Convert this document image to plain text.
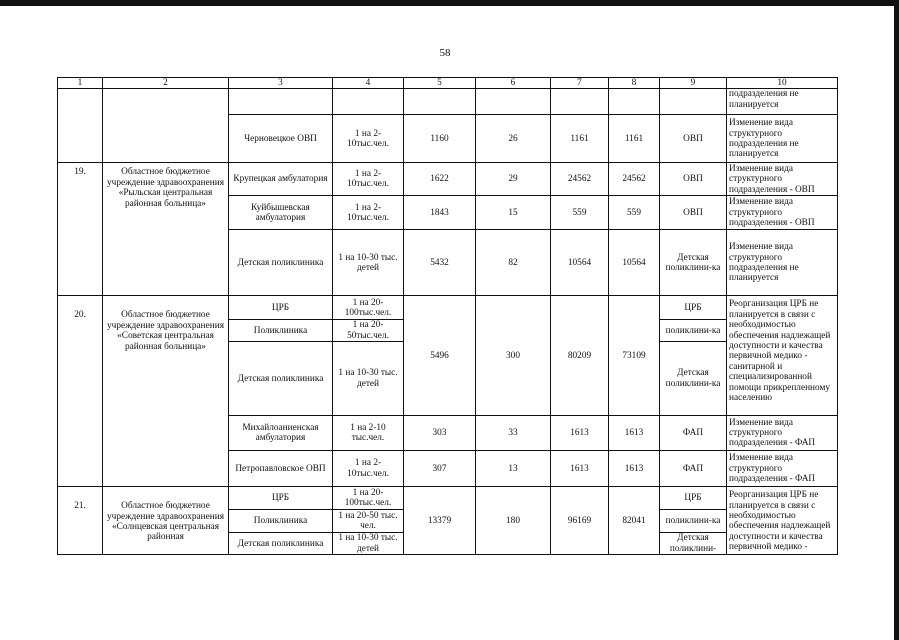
58
1	2	3	4	5	6	7	8	9	10
									подразделения не планируется
		Черновецкое ОВП	1 на 2-10тыс.чел.	1160	26	1161	1161	ОВП	Изменение вида структурного подразделения не планируется
19.	Областное бюджетное учреждение здравоохранения «Рыльская центральная районная больница»	Крупецкая амбулатория	1 на 2-10тыс.чел.	1622	29	24562	24562	ОВП	Изменение вида структурного подразделения - ОВП
		Куйбышевская амбулатория	1 на 2-10тыс.чел.	1843	15	559	559	ОВП	Изменение вида структурного подразделения - ОВП
		Детская поликлиника	1 на 10-30 тыс. детей	5432	82	10564	10564	Детская поликлини-ка	Изменение вида структурного подразделения не планируется
20.	Областное бюджетное учреждение здравоохранения «Советская центральная районная больница»	ЦРБ	1 на 20-100тыс.чел.	5496	300	80209	73109	ЦРБ	Реорганизация ЦРБ не планируется в связи с необходимостью обеспечения надлежащей доступности и качества первичной медико - санитарной и специализированной помощи прикрепленному населению
		Поликлиника	1 на 20-50тыс.чел.					поликлини-ка	
		Детская поликлиника	1 на 10-30 тыс. детей					Детская поликлини-ка	
		Михайлоаниенская амбулатория	1 на 2-10 тыс.чел.	303	33	1613	1613	ФАП	Изменение вида структурного подразделения - ФАП
		Петропавловское ОВП	1 на 2-10тыс.чел.	307	13	1613	1613	ФАП	Изменение вида структурного подразделения - ФАП
21.	Областное бюджетное учреждение здравоохранения «Солнцевская центральная районная	ЦРБ	1 на 20-100тыс.чел.	13379	180	96169	82041	ЦРБ	Реорганизация ЦРБ не планируется в связи с необходимостью обеспечения надлежащей доступности и качества первичной медико -
		Поликлиника	1 на 20-50 тыс. чел.					поликлини-ка	
		Детская поликлиника	1 на 10-30 тыс. детей					Детская поликлини-	
